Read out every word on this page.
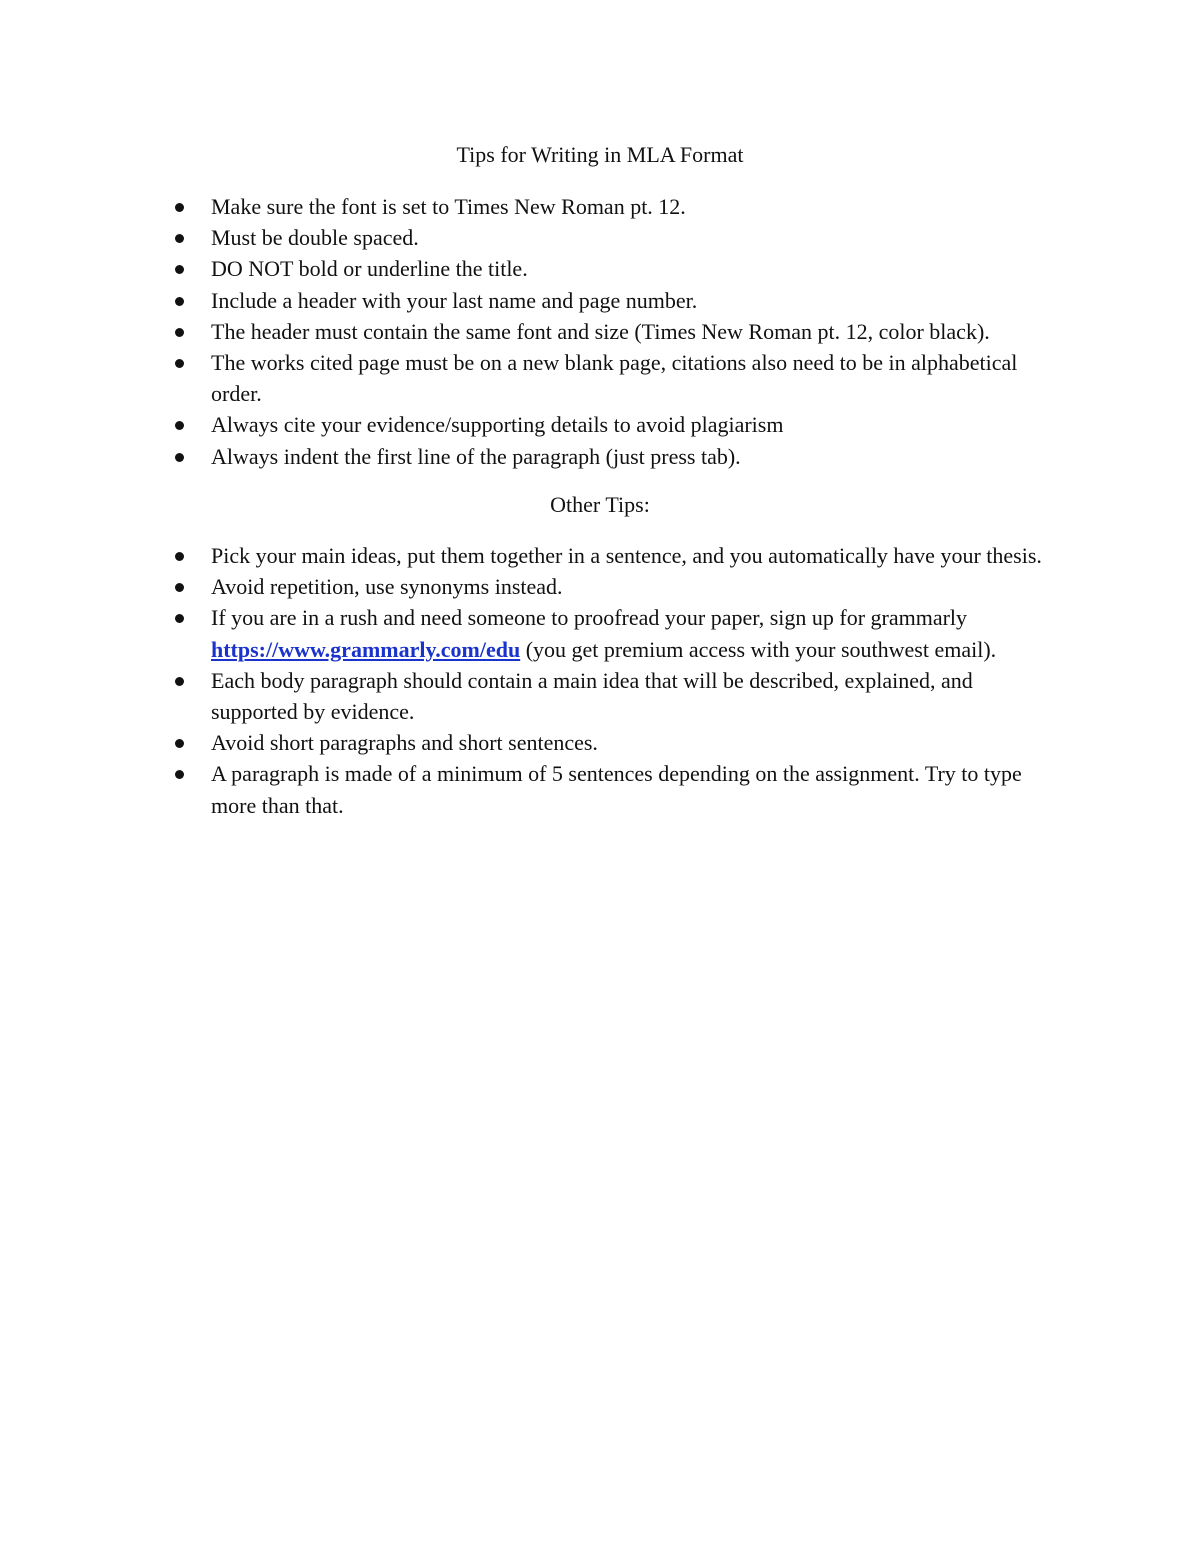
Tips for Writing in MLA Format
Make sure the font is set to Times New Roman pt. 12.
Must be double spaced.
DO NOT bold or underline the title.
Include a header with your last name and page number.
The header must contain the same font and size (Times New Roman pt. 12, color black).
The works cited page must be on a new blank page, citations also need to be in alphabetical order.
Always cite your evidence/supporting details to avoid plagiarism
Always indent the first line of the paragraph (just press tab).
Other Tips:
Pick your main ideas, put them together in a sentence, and you automatically have your thesis.
Avoid repetition, use synonyms instead.
If you are in a rush and need someone to proofread your paper, sign up for grammarly https://www.grammarly.com/edu (you get premium access with your southwest email).
Each body paragraph should contain a main idea that will be described, explained, and supported by evidence.
Avoid short paragraphs and short sentences.
A paragraph is made of a minimum of 5 sentences depending on the assignment. Try to type more than that.
